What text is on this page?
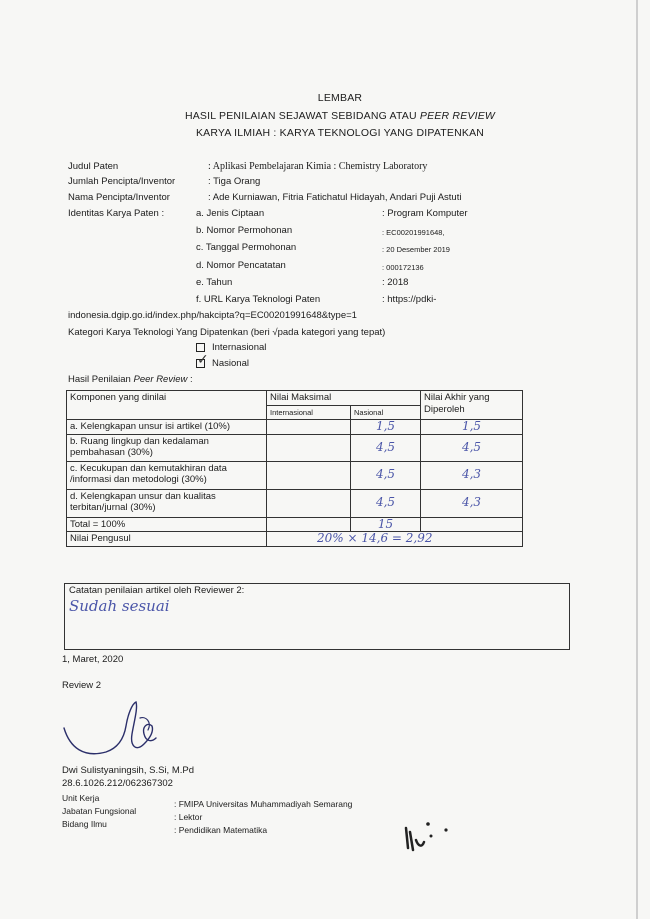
LEMBAR
HASIL PENILAIAN SEJAWAT SEBIDANG ATAU PEER REVIEW
KARYA ILMIAH : KARYA TEKNOLOGI YANG DIPATENKAN
Judul Paten	: Aplikasi Pembelajaran Kimia : Chemistry Laboratory
Jumlah Pencipta/Inventor	: Tiga Orang
Nama Pencipta/Inventor	: Ade Kurniawan, Fitria Fatichatul Hidayah, Andari Puji Astuti
Identitas Karya Paten :	a. Jenis Ciptaan	: Program Komputer
b. Nomor Permohonan	: EC00201991648,
c. Tanggal Permohonan	: 20 Desember 2019
d. Nomor Pencatatan	: 000172136
e. Tahun	: 2018
f. URL Karya Teknologi Paten	: https://pdki-
indonesia.dgip.go.id/index.php/hakcipta?q=EC00201991648&type=1
Kategori Karya Teknologi Yang Dipatenkan (beri √pada kategori yang tepat)
Internasional
✓ Nasional
Hasil Penilaian Peer Review :
Komponen yang dinilai	Nilai Maksimal		Nilai Akhir yang Diperoleh
	Internasional	Nasional	
a. Kelengkapan unsur isi artikel (10%)		1,5	1,5
b. Ruang lingkup dan kedalaman pembahasan (30%)		4,5	4,5
c. Kecukupan dan kemutakhiran data /informasi dan metodologi (30%)		4,5	4,3
d. Kelengkapan unsur dan kualitas terbitan/jurnal (30%)		4,5	4,3
Total = 100%		15	
Nilai Pengusul	20% × 14,6 = 2,92		
Catatan penilaian artikel oleh Reviewer 2:
Sudah sesuai
1, Maret, 2020
Review 2
Dwi Sulistyaningsih, S.Si, M.Pd
28.6.1026.212/062367302
Unit Kerja
: FMIPA Universitas Muhammadiyah Semarang
Jabatan Fungsional
: Lektor
Bidang Ilmu
: Pendidikan Matematika
